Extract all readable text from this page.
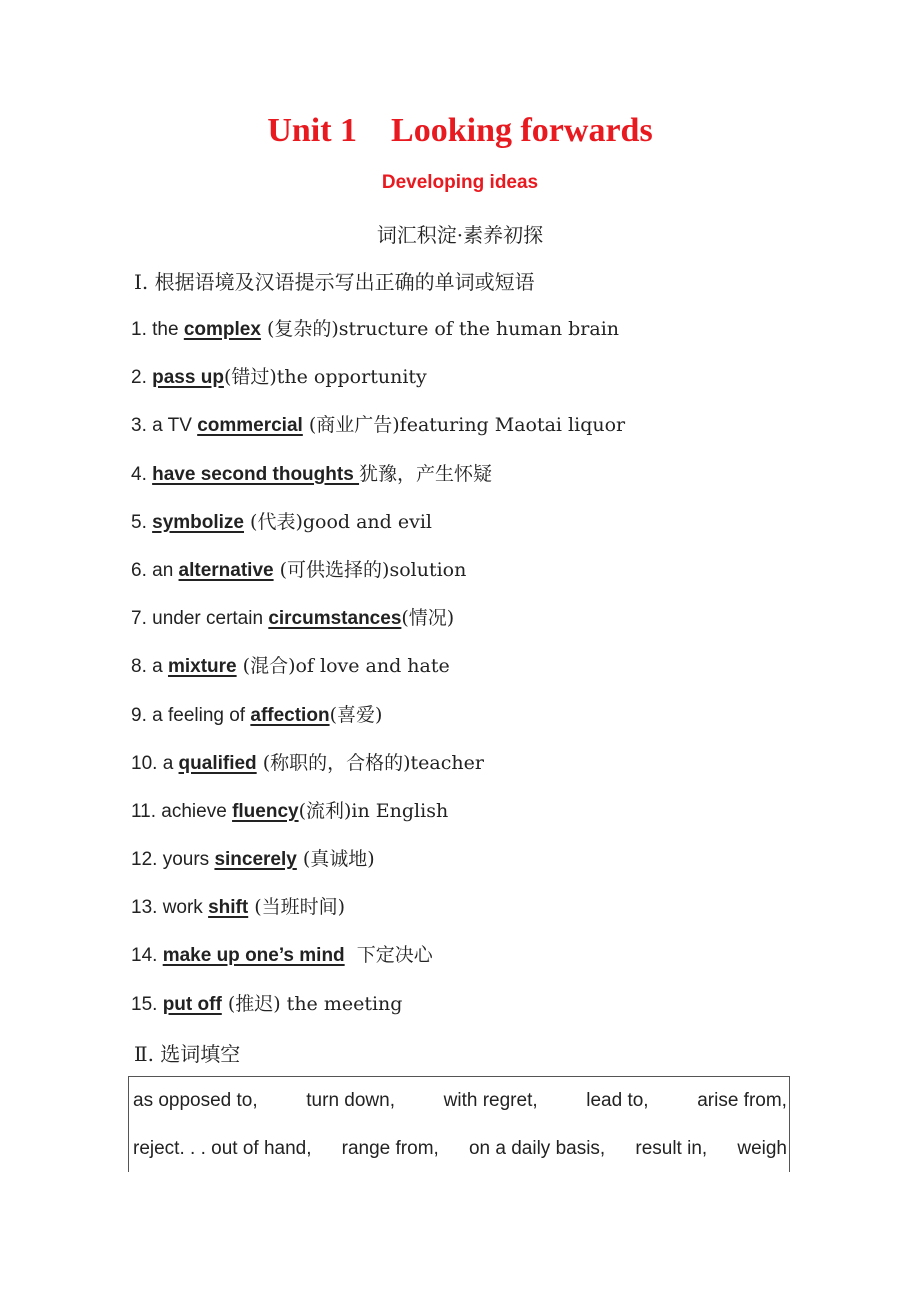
Unit 1    Looking forwards
Developing ideas
词汇积淀·素养初探
Ⅰ. 根据语境及汉语提示写出正确的单词或短语
1. the complex (复杂的)structure of the human brain
2. pass up(错过)the opportunity
3. a TV commercial (商业广告)featuring Maotai liquor
4. have second thoughts 犹豫，产生怀疑
5. symbolize (代表)good and evil
6. an alternative (可供选择的)solution
7. under certain circumstances(情况)
8. a mixture (混合)of love and hate
9. a feeling of affection(喜爱)
10. a qualified (称职的，合格的)teacher
11. achieve fluency(流利)in English
12. yours sincerely (真诚地)
13. work shift (当班时间)
14. make up one’s mind  下定决心
15. put off (推迟) the meeting
Ⅱ. 选词填空
as opposed to,	turn down,	with regret,	lead to,	arise from,
reject. . . out of hand, range from, on a daily basis, result in, weigh
